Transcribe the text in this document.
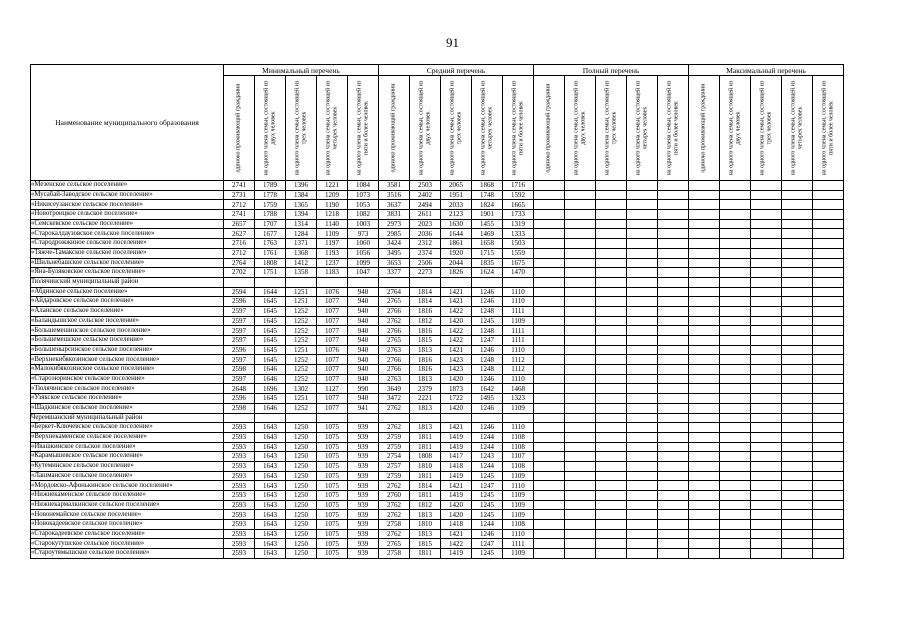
91
Наименование муниципального образования	Минимальный перечень					Средний перечень					Полный перечень					Максимальный перечень				

	одиноко проживающий гражданин	на одного члена семьи, состоящей из двух человек	на одного члена семьи, состоящей из трех человек	на одного члена семьи, состоящей из четырех человек	на одного члена семьи, состоящей из пяти и более человек	одиноко проживающий гражданин	на одного члена семьи, состоящей из двух человек	на одного члена семьи, состоящей из трех человек	на одного члена семьи, состоящей из четырех человек	на одного члена семьи, состоящей из пяти и более человек	одиноко проживающий гражданин	на одного члена семьи, состоящей из двух человек	на одного члена семьи, состоящей из трех человек	на одного члена семьи, состоящей из четырех человек	на одного члена семьи, состоящей из пяти и более человек	одиноко проживающий гражданин	на одного члена семьи, состоящей из двух человек	на одного члена семьи, состоящей из трех человек	на одного члена семьи, состоящей из четырех человек	на одного члена семьи, состоящей из пяти и более человек

«Мезенское сельское поселение»	2741	1789	1396	1221	1084	3581	2503	2065	1868	1716										
«Мусабай-Заводское сельское поселение»	2731	1778	1384	1209	1073	3516	2402	1951	1748	1592										
«Никисеузанское сельское поселение»	2712	1759	1365	1190	1053	3637	2494	2033	1824	1665										
«Новотроицкое сельское поселение»	2741	1788	1394	1218	1082	3831	2611	2123	1901	1733										
«Семскевское сельское поселение»	2657	1707	1314	1140	1003	2973	2023	1630	1455	1319										
«Старокалдаузовское сельское поселение»	2627	1677	1284	1109	973	2985	2036	1644	1469	1333										
«Стародрожжиное сельское поселение»	2716	1763	1371	1197	1060	3424	2312	1861	1658	1503										
«Тяжче-Тамакское сельское поселение»	2712	1761	1368	1193	1056	3495	2374	1920	1715	1559										
«Шильнебашское сельское поселение»	2764	1808	1412	1237	1099	3653	2506	2044	1835	1675										
«Яна-Буляковское сельское поселение»	2702	1751	1358	1183	1047	3377	2273	1826	1624	1470										
Тюлячинский муниципальный район																				
«Абдинское сельское поселение»	2594	1644	1251	1076	940	2764	1814	1421	1246	1110										
«Айдаровское сельское поселение»	2596	1645	1251	1077	940	2765	1814	1421	1246	1110										
«Аланское сельское поселение»	2597	1645	1252	1077	940	2766	1816	1422	1248	1111										
«Баландышское сельское поселение»	2597	1645	1252	1077	940	2762	1812	1420	1245	1109										
«Большемешинское сельское поселение»	2597	1645	1252	1077	940	2766	1816	1422	1248	1111										
«Большемешское сельское поселение»	2597	1645	1252	1077	940	2765	1815	1422	1247	1111										
«Большенырсинское сельское поселение»	2596	1645	1251	1076	940	2763	1813	1421	1246	1110										
«Верхнекибякозинское сельское поселение»	2597	1645	1252	1077	940	2766	1816	1423	1248	1112										
«Малокибякозинское сельское поселение»	2598	1646	1252	1077	940	2766	1816	1423	1248	1112										
«Староэюринское сельское поселение»	2597	1646	1252	1077	940	2763	1813	1420	1246	1110										
«Тюлячинское сельское поселение»	2648	1696	1302	1127	990	3649	2379	1873	1642	1468										
«Узякское сельское поселение»	2596	1645	1251	1077	940	3472	2221	1722	1495	1323										
«Шадкинское сельское поселение»	2598	1646	1252	1077	941	2762	1813	1420	1246	1109										
Черемшанский муниципальный район																				
«Беркет-Ключевское сельское поселение»	2593	1643	1250	1075	939	2762	1813	1421	1246	1110										
«Верхнекаменское сельское поселение»	2593	1643	1250	1075	939	2759	1811	1419	1244	1108										
«Ивашкинское сельское поселение»	2593	1643	1250	1075	939	2759	1811	1419	1244	1108										
«Карамышевское сельское поселение»	2593	1643	1250	1075	939	2754	1808	1417	1243	1107										
«Кутеминское сельское поселение»	2593	1643	1250	1075	939	2757	1810	1418	1244	1108										
«Лашманское сельское поселение»	2593	1643	1250	1075	939	2759	1811	1419	1245	1109										
«Мордовско-Афонькинское сельское поселение»	2593	1643	1250	1075	939	2762	1814	1421	1247	1110										
«Нижнекаменское сельское поселение»	2593	1643	1250	1075	939	2760	1811	1419	1245	1109										
«Нижнекармалкинское сельское поселение»	2593	1643	1250	1075	939	2762	1812	1420	1245	1109										
«Новонемайское сельское поселение»	2593	1643	1250	1075	939	2762	1813	1420	1245	1109										
«Новокадеевское сельское поселение»	2593	1643	1250	1075	939	2758	1810	1418	1244	1108										
«Старокадеевское сельское поселение»	2593	1643	1250	1075	939	2762	1813	1421	1246	1110										
«Старокутушское сельское поселение»	2593	1643	1250	1075	939	2765	1815	1422	1247	1111										
«Староутямышское сельское поселение»	2593	1643	1250	1075	939	2758	1811	1419	1245	1109										
